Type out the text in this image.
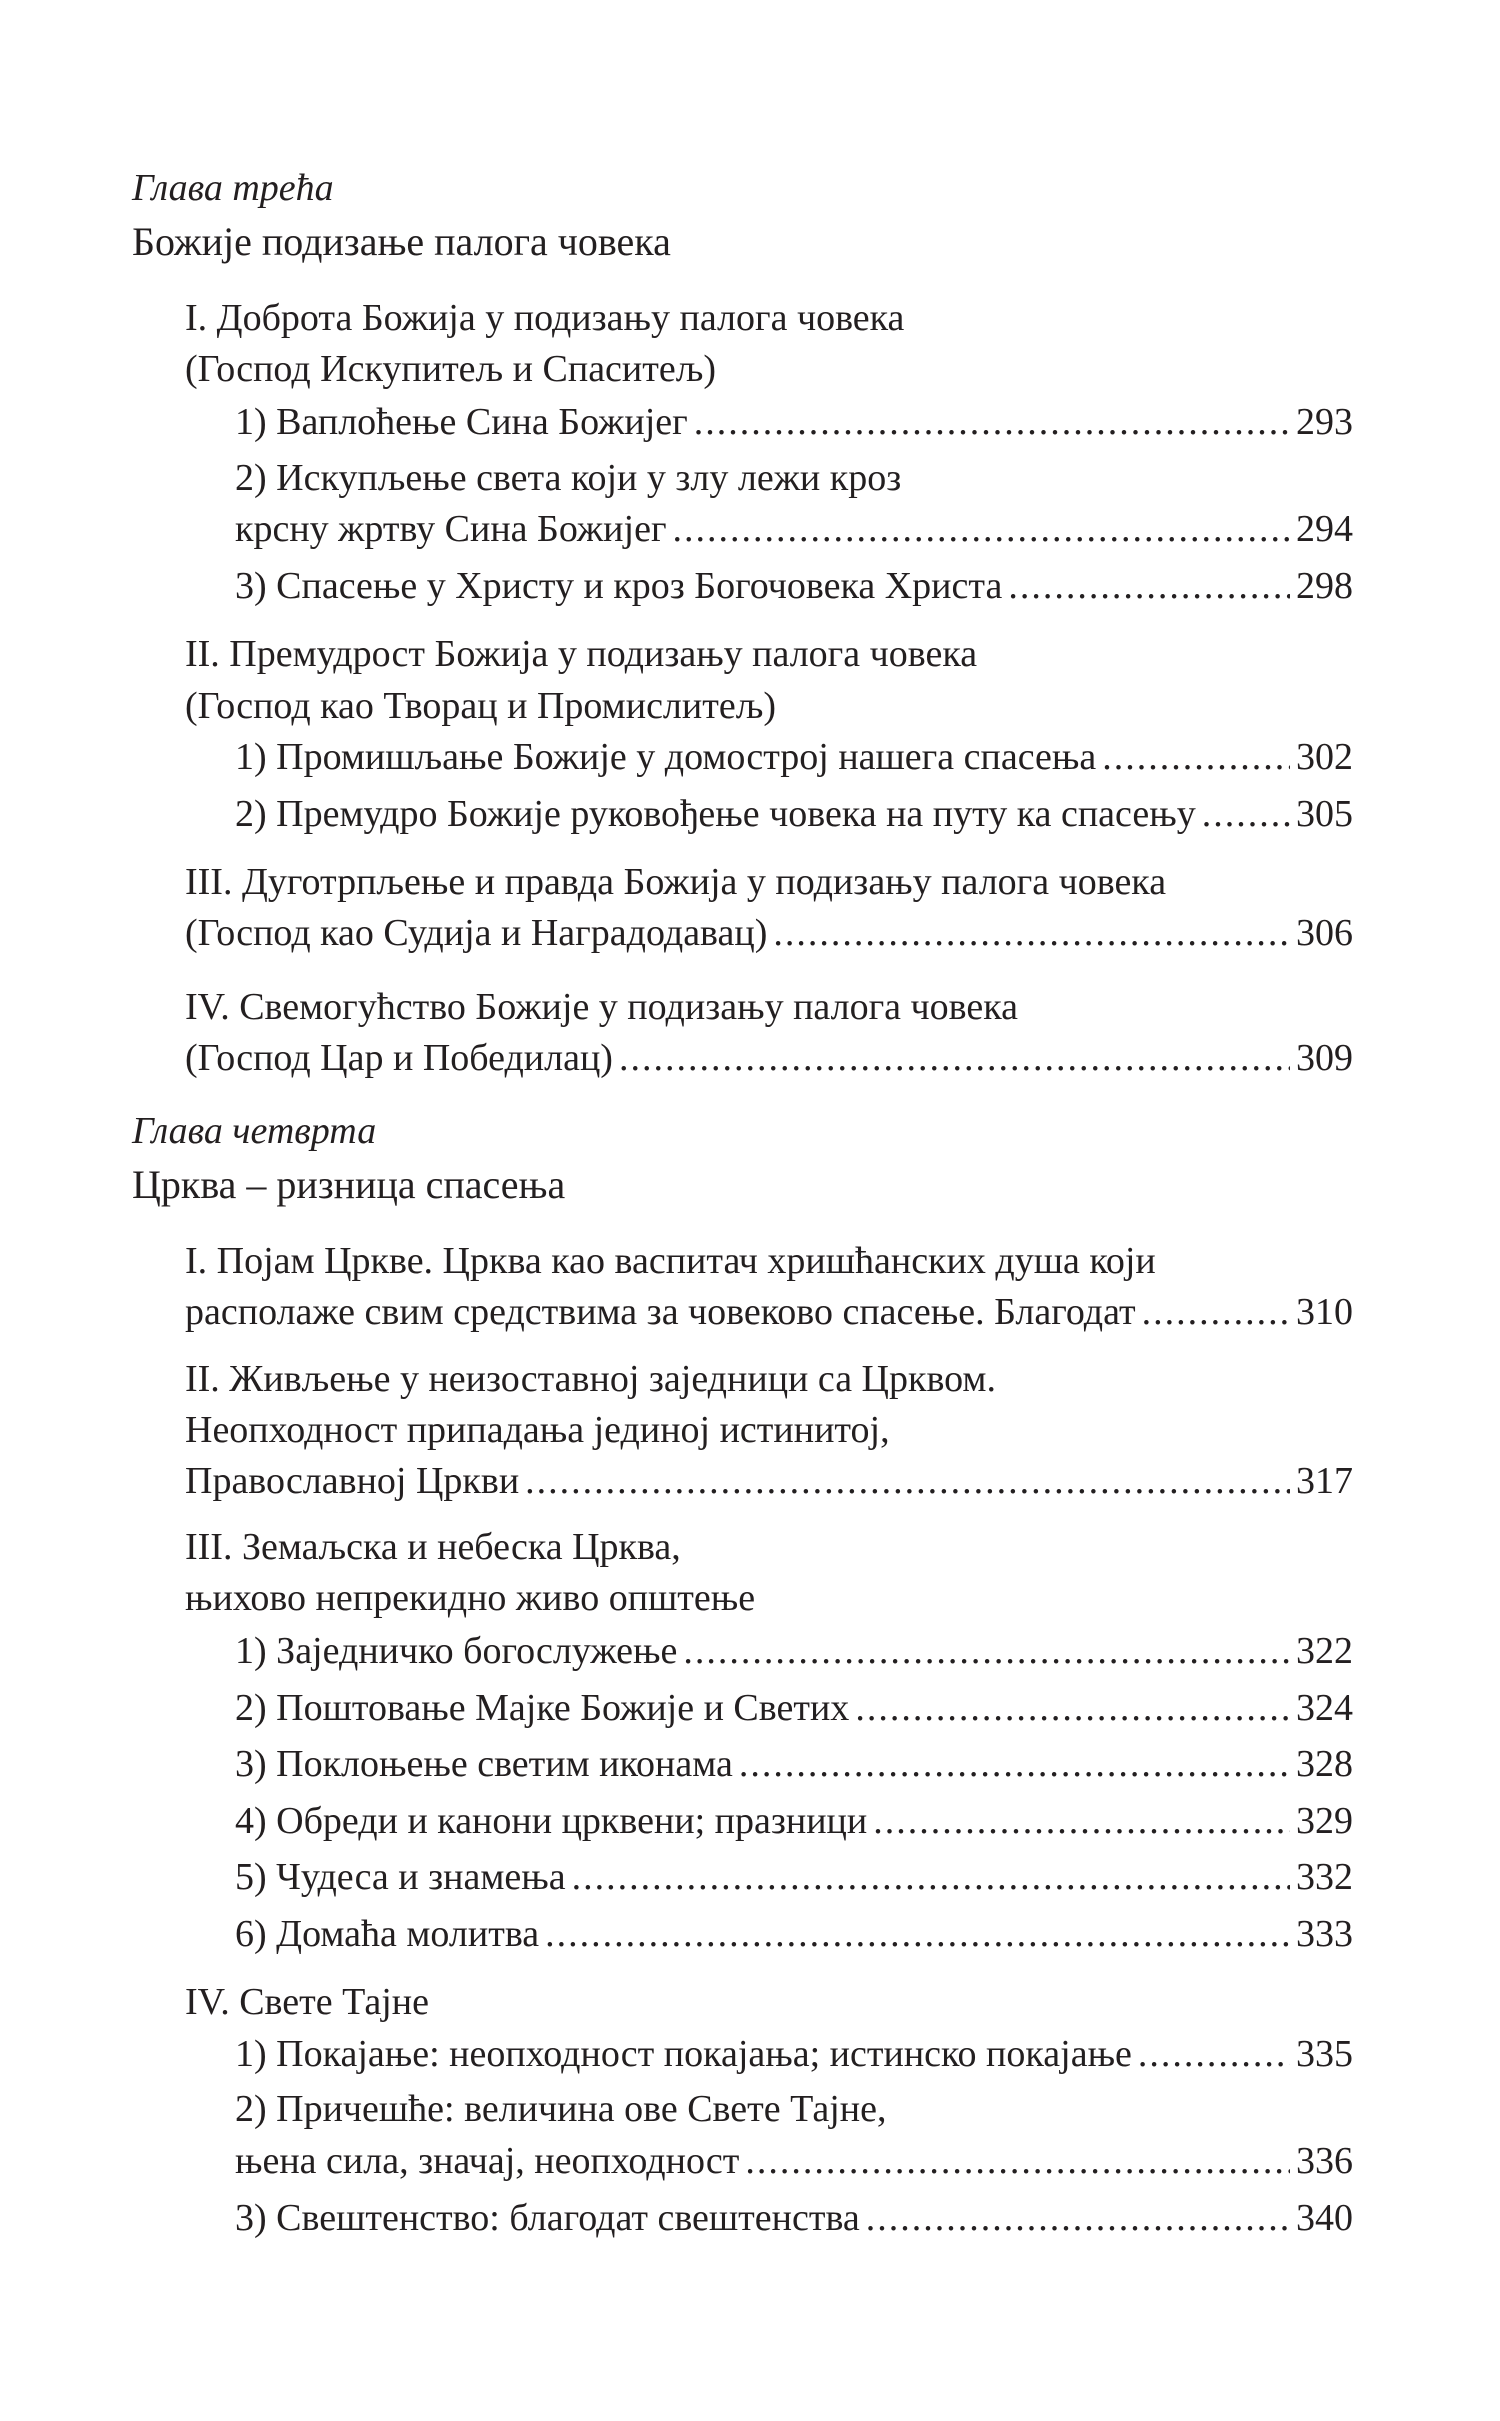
Глава трећа
Божије подизање палога човека
I. Доброта Божија у подизању палога човека
(Господ Искупитељ и Спаситељ)
1) Ваплоћење Сина Божијег .....	293
2) Искупљење света који у злу лежи кроз
крсну жртву Сина Божијег .....	294
3) Спасење у Христу и кроз Богочовека Христа .....	298
II. Премудрост Божија у подизању палога човека
(Господ као Творац и Промислитељ)
1) Промишљање Божије у домострој нашега спасења .....	302
2) Премудро Божије руковођење човека на путу ка спасењу .....	305
III. Дуготрпљење и правда Божија у подизању палога човека
(Господ као Судија и Наградодавац) .....	306
IV. Свемогућство Божије у подизању палога човека
(Господ Цар и Победилац) .....	309
Глава четврта
Црква – ризница спасења
I. Појам Цркве. Црква као васпитач хришћанских душа који
располаже свим средствима за човеково спасење. Благодат .....	310
II. Живљење у неизоставној заједници са Црквом.
Неопходност припадања јединој истинитој,
Православној Цркви .....	317
III. Земаљска и небеска Црква,
њихово непрекидно живо општење
1) Заједничко богослужење .....	322
2) Поштовање Мајке Божије и Светих .....	324
3) Поклоњење светим иконама .....	328
4) Обреди и канони црквени; празници .....	329
5) Чудеса и знамења .....	332
6) Домаћа молитва .....	333
IV. Свете Тајне
1) Покајање: неопходност покајања; истинско покајање .....	335
2) Причешће: величина ове Свете Тајне,
њена сила, значај, неопходност .....	336
3) Свештенство: благодат свештенства .....	340
